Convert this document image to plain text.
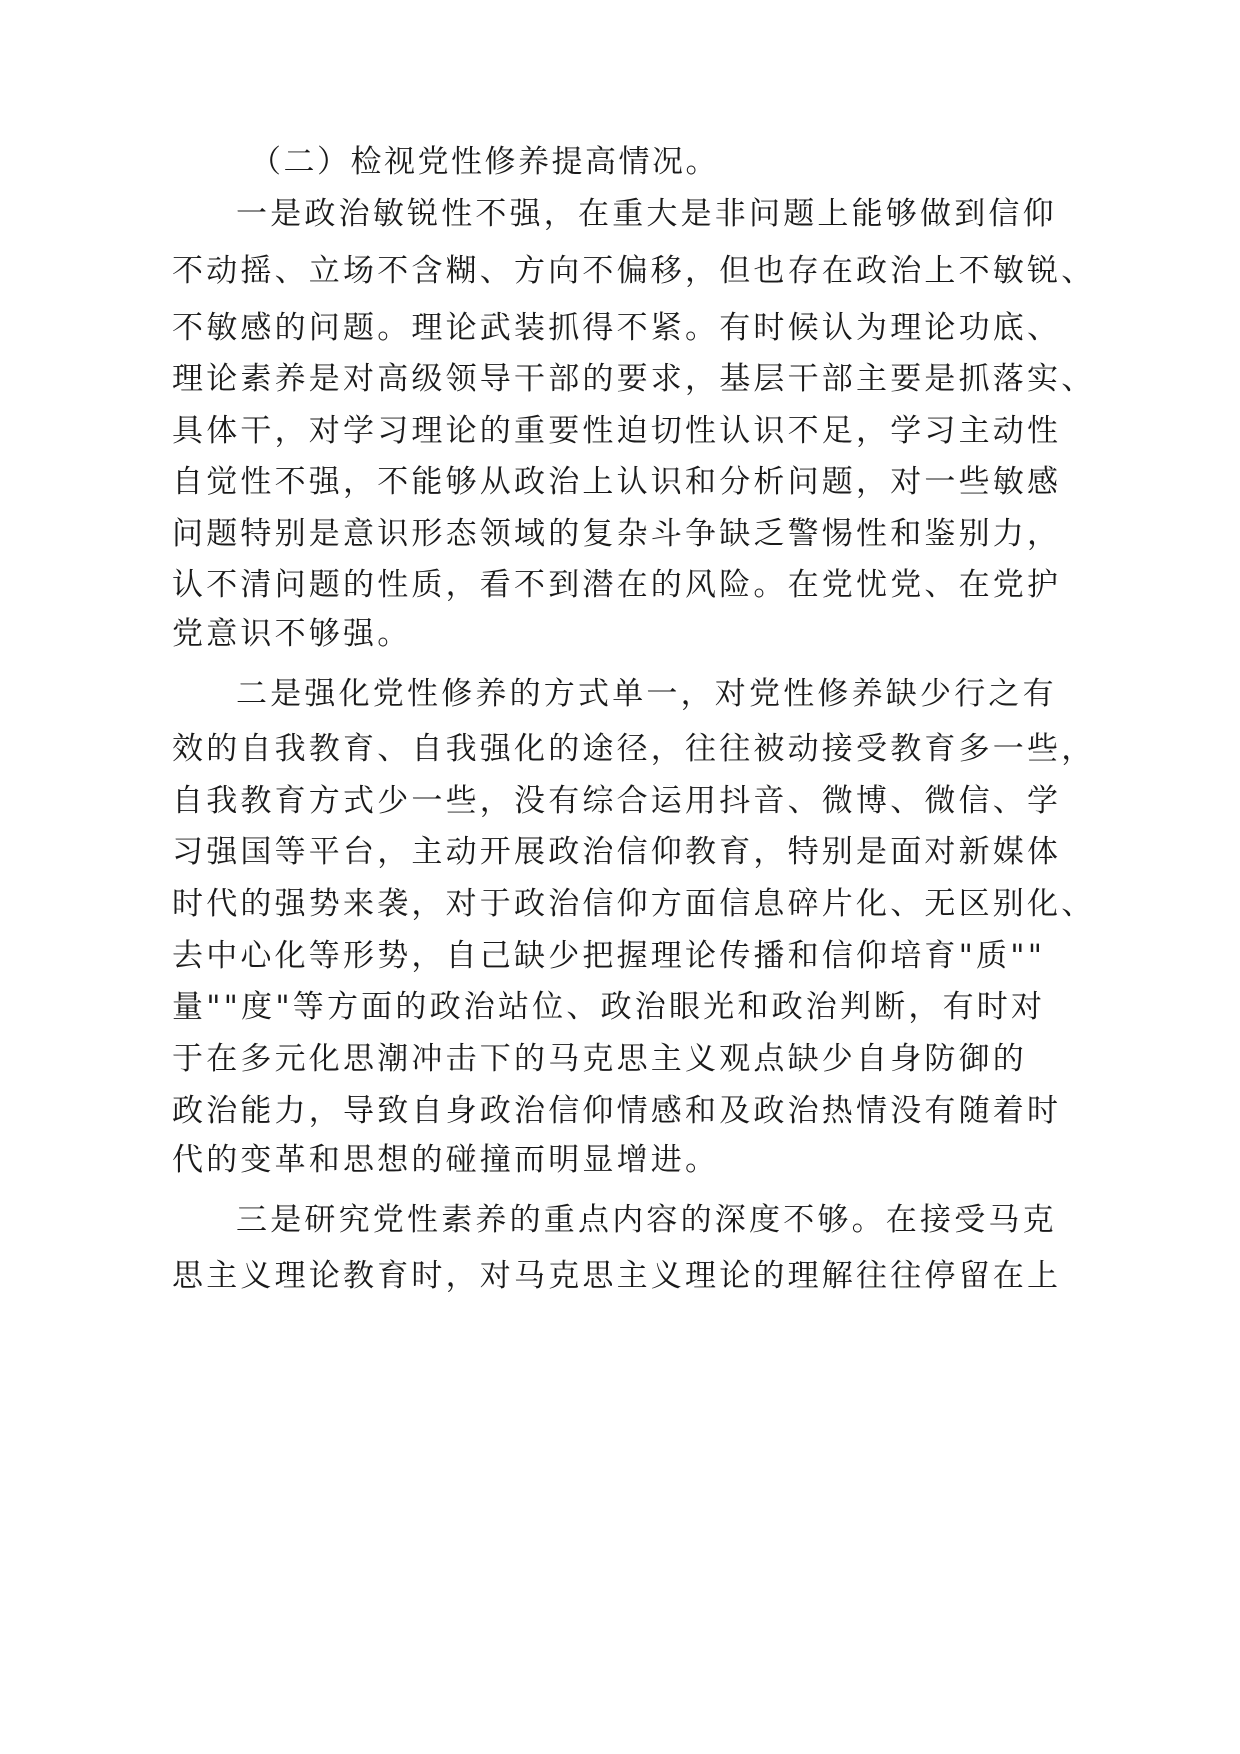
（二）检视党性修养提高情况。
一是政治敏锐性不强，在重大是非问题上能够做到信仰
不动摇、立场不含糊、方向不偏移，但也存在政治上不敏锐、
不敏感的问题。理论武装抓得不紧。有时候认为理论功底、
理论素养是对高级领导干部的要求，基层干部主要是抓落实、
具体干，对学习理论的重要性迫切性认识不足，学习主动性
自觉性不强，不能够从政治上认识和分析问题，对一些敏感
问题特别是意识形态领域的复杂斗争缺乏警惕性和鉴别力，
认不清问题的性质，看不到潜在的风险。在党忧党、在党护
党意识不够强。
二是强化党性修养的方式单一，对党性修养缺少行之有
效的自我教育、自我强化的途径，往往被动接受教育多一些，
自我教育方式少一些，没有综合运用抖音、微博、微信、学
习强国等平台，主动开展政治信仰教育，特别是面对新媒体
时代的强势来袭，对于政治信仰方面信息碎片化、无区别化、
去中心化等形势，自己缺少把握理论传播和信仰培育"质""
量""度"等方面的政治站位、政治眼光和政治判断，有时对
于在多元化思潮冲击下的马克思主义观点缺少自身防御的
政治能力，导致自身政治信仰情感和及政治热情没有随着时
代的变革和思想的碰撞而明显增进。
三是研究党性素养的重点内容的深度不够。在接受马克
思主义理论教育时，对马克思主义理论的理解往往停留在上
